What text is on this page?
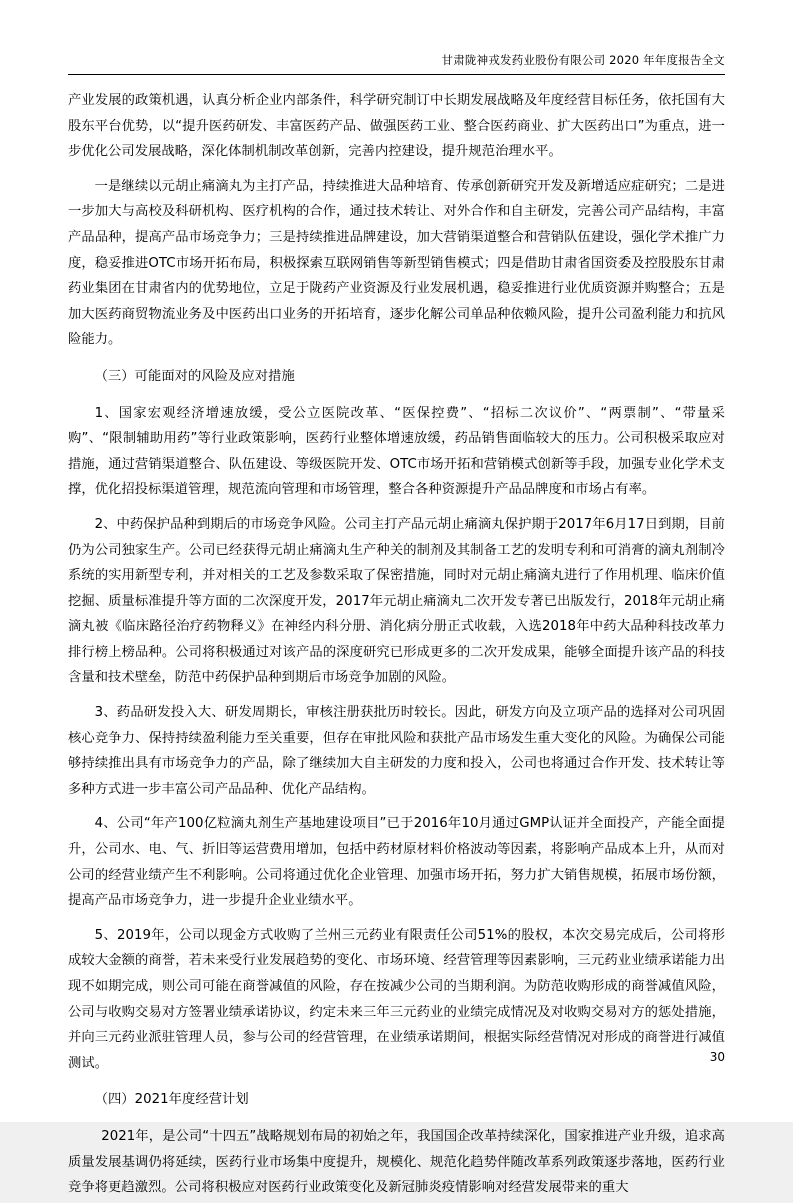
甘肃陇神戎发药业股份有限公司 2020 年年度报告全文

产业发展的政策机遇，认真分析企业内部条件，科学研究制订中长期发展战略及年度经营目标任务，依托国有大股东平台优势，以“提升医药研发、丰富医药产品、做强医药工业、整合医药商业、扩大医药出口”为重点，进一步优化公司发展战略，深化体制机制改革创新，完善内控建设，提升规范治理水平。

一是继续以元胡止痛滴丸为主打产品，持续推进大品种培育、传承创新研究开发及新增适应症研究；二是进一步加大与高校及科研机构、医疗机构的合作，通过技术转让、对外合作和自主研发，完善公司产品结构，丰富产品品种，提高产品市场竞争力；三是持续推进品牌建设，加大营销渠道整合和营销队伍建设，强化学术推广力度，稳妥推进OTC市场开拓布局，积极探索互联网销售等新型销售模式；四是借助甘肃省国资委及控股股东甘肃药业集团在甘肃省内的优势地位，立足于陇药产业资源及行业发展机遇，稳妥推进行业优质资源并购整合；五是加大医药商贸物流业务及中医药出口业务的开拓培育，逐步化解公司单品种依赖风险，提升公司盈利能力和抗风险能力。

（三）可能面对的风险及应对措施

1、国家宏观经济增速放缓，受公立医院改革、“医保控费”、“招标二次议价”、“两票制”、“带量采购”、“限制辅助用药”等行业政策影响，医药行业整体增速放缓，药品销售面临较大的压力。公司积极采取应对措施，通过营销渠道整合、队伍建设、等级医院开发、OTC市场开拓和营销模式创新等手段，加强专业化学术支撑，优化招投标渠道管理，规范流向管理和市场管理，整合各种资源提升产品品牌度和市场占有率。

2、中药保护品种到期后的市场竞争风险。公司主打产品元胡止痛滴丸保护期于2017年6月17日到期，目前仍为公司独家生产。公司已经获得元胡止痛滴丸生产种关的制剂及其制备工艺的发明专利和可消膏的滴丸剂制冷系统的实用新型专利，并对相关的工艺及参数采取了保密措施，同时对元胡止痛滴丸进行了作用机理、临床价值挖掘、质量标准提升等方面的二次深度开发，2017年元胡止痛滴丸二次开发专著已出版发行，2018年元胡止痛滴丸被《临床路径治疗药物释义》在神经内科分册、消化病分册正式收载，入选2018年中药大品种科技改革力排行榜上榜品种。公司将积极通过对该产品的深度研究已形成更多的二次开发成果，能够全面提升该产品的科技含量和技术壁垒，防范中药保护品种到期后市场竞争加剧的风险。

3、药品研发投入大、研发周期长，审核注册获批历时较长。因此，研发方向及立项产品的选择对公司巩固核心竞争力、保持持续盈利能力至关重要，但存在审批风险和获批产品市场发生重大变化的风险。为确保公司能够持续推出具有市场竞争力的产品，除了继续加大自主研发的力度和投入，公司也将通过合作开发、技术转让等多种方式进一步丰富公司产品品种、优化产品结构。

4、公司“年产100亿粒滴丸剂生产基地建设项目”已于2016年10月通过GMP认证并全面投产，产能全面提升，公司水、电、气、折旧等运营费用增加，包括中药材原材料价格波动等因素，将影响产品成本上升，从而对公司的经营业绩产生不利影响。公司将通过优化企业管理、加强市场开拓，努力扩大销售规模，拓展市场份额，提高产品市场竞争力，进一步提升企业业绩水平。

5、2019年，公司以现金方式收购了兰州三元药业有限责任公司51%的股权，本次交易完成后，公司将形成较大金额的商誉，若未来受行业发展趋势的变化、市场环境、经营管理等因素影响，三元药业业绩承诺能力出现不如期完成，则公司可能在商誉减值的风险，存在按减少公司的当期利润。为防范收购形成的商誉减值风险，公司与收购交易对方签署业绩承诺协议，约定未来三年三元药业的业绩完成情况及对收购交易对方的惩处措施，并向三元药业派驻管理人员，参与公司的经营管理，在业绩承诺期间，根据实际经营情况对形成的商誉进行减值测试。

（四）2021年度经营计划

2021年，是公司“十四五”战略规划布局的初始之年，我国国企改革持续深化，国家推进产业升级，追求高质量发展基调仍将延续，医药行业市场集中度提升，规模化、规范化趋势伴随改革系列政策逐步落地，医药行业竞争将更趋激烈。公司将积极应对医药行业政策变化及新冠肺炎疫情影响对经营发展带来的重大

30
